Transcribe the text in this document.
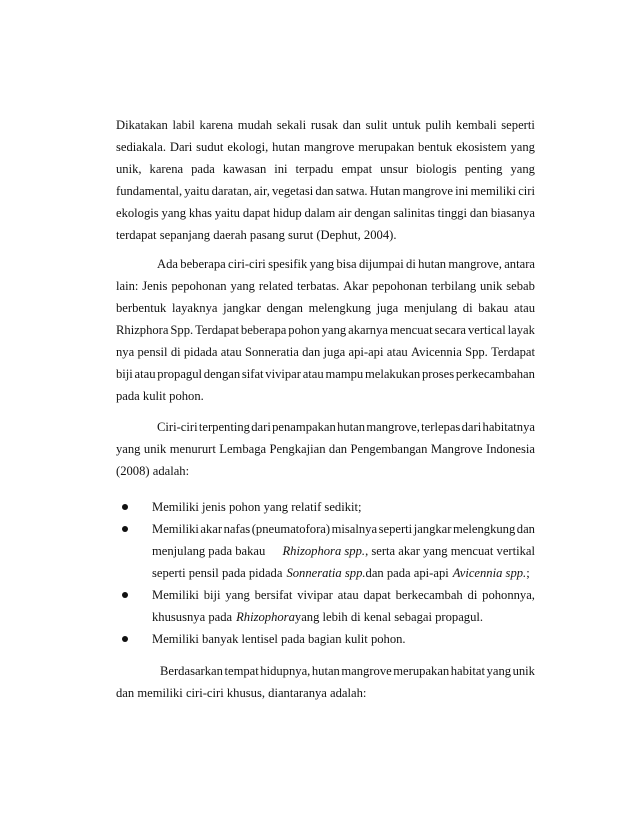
Dikatakan labil karena mudah sekali rusak dan sulit untuk pulih kembali seperti
sediakala. Dari sudut ekologi, hutan mangrove merupakan bentuk ekosistem yang
unik, karena pada kawasan ini terpadu empat unsur biologis penting yang
fundamental, yaitu daratan, air, vegetasi dan satwa. Hutan mangrove ini memiliki ciri
ekologis yang khas yaitu dapat hidup dalam air dengan salinitas tinggi dan biasanya
terdapat sepanjang daerah pasang surut (Dephut, 2004).
Ada beberapa ciri-ciri spesifik yang bisa dijumpai di hutan mangrove, antara
lain: Jenis pepohonan yang related terbatas. Akar pepohonan terbilang unik sebab
berbentuk layaknya jangkar dengan melengkung juga menjulang di bakau atau
Rhizphora Spp. Terdapat beberapa pohon yang akarnya mencuat secara vertical layak
nya pensil di pidada atau Sonneratia dan juga api-api atau Avicennia Spp. Terdapat
biji atau propagul dengan sifat vivipar atau mampu melakukan proses perkecambahan
pada kulit pohon.
Ciri-ciri terpenting dari penampakan hutan mangrove, terlepas dari habitatnya
yang unik menururt Lembaga Pengkajian dan Pengembangan Mangrove Indonesia
(2008) adalah:
Memiliki jenis pohon yang relatif sedikit;
Memiliki akar nafas (pneumatofora) misalnya seperti jangkar melengkung dan
menjulang pada bakau Rhizophora spp., serta akar yang mencuat vertikal
seperti pensil pada pidada Sonneratia spp. dan pada api-api Avicennia spp.;
Memiliki biji yang bersifat vivipar atau dapat berkecambah di pohonnya,
khususnya pada Rhizophora yang lebih di kenal sebagai propagul.
Memiliki banyak lentisel pada bagian kulit pohon.
Berdasarkan tempat hidupnya, hutan mangrove merupakan habitat yang unik
dan memiliki ciri-ciri khusus, diantaranya adalah:
